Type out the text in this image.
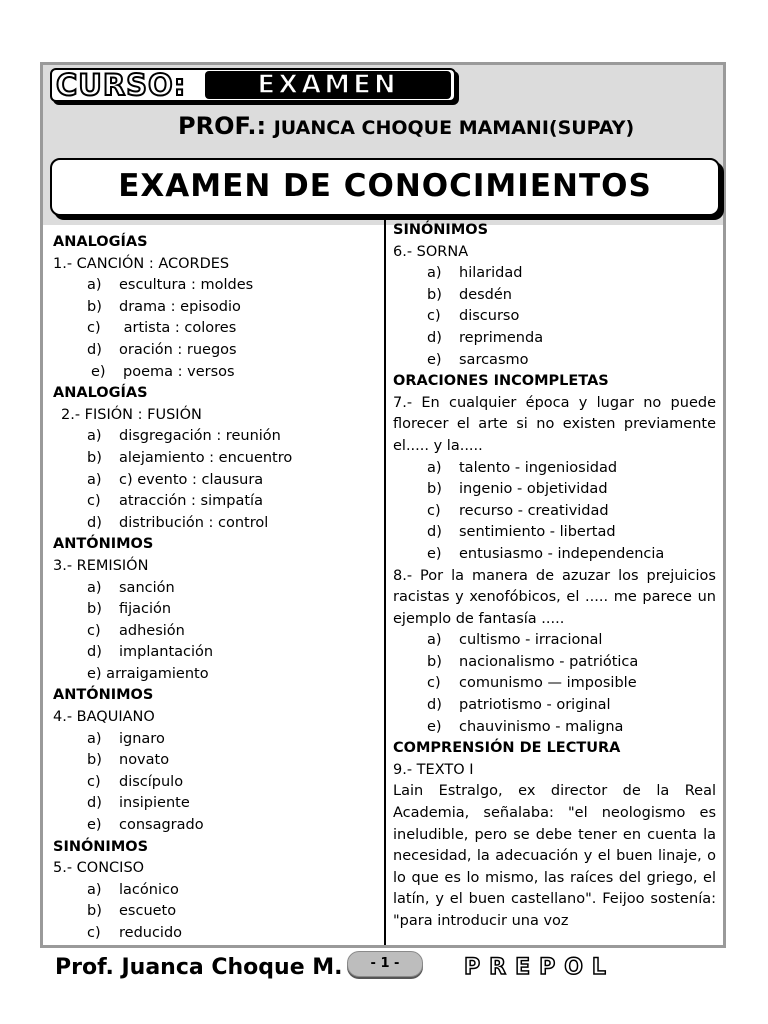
CURSO:	EXAMEN
PROF.: JUANCA CHOQUE MAMANI(SUPAY)
EXAMEN DE CONOCIMIENTOS
ANALOGÍAS
1.- CANCIÓN : ACORDES
a) escultura : moldes
b) drama : episodio
c) artista : colores
d) oración : ruegos
e) poema : versos
ANALOGÍAS
2.- FISIÓN : FUSIÓN
a) disgregación : reunión
b) alejamiento : encuentro
a) c) evento : clausura
c) atracción : simpatía
d) distribución : control
ANTÓNIMOS
3.- REMISIÓN
a) sanción
b) fijación
c) adhesión
d) implantación
e) arraigamiento
ANTÓNIMOS
4.- BAQUIANO
a) ignaro
b) novato
c) discípulo
d) insipiente
e) consagrado
SINÓNIMOS
5.- CONCISO
a) lacónico
b) escueto
c) reducido
SINÓNIMOS
6.- SORNA
a) hilaridad
b) desdén
c) discurso
d) reprimenda
e) sarcasmo
ORACIONES INCOMPLETAS
7.- En cualquier época y lugar no puede florecer el arte si no existen previamente el..... y la.....
a) talento - ingeniosidad
b) ingenio - objetividad
c) recurso - creatividad
d) sentimiento - libertad
e) entusiasmo - independencia
8.- Por la manera de azuzar los prejuicios racistas y xenofóbicos, el ..... me parece un ejemplo de fantasía .....
a) cultismo - irracional
b) nacionalismo - patriótica
c) comunismo — imposible
d) patriotismo - original
e) chauvinismo - maligna
COMPRENSIÓN DE LECTURA
9.- TEXTO I
Lain Estralgo, ex director de la Real Academia, señalaba: "el neologismo es ineludible, pero se debe tener en cuenta la necesidad, la adecuación y el buen linaje, o lo que es lo mismo, las raíces del griego, el latín, y el buen castellano". Feijoo sostenía: "para introducir una voz
Prof. Juanca Choque M.	- 1 -	PREPOL
